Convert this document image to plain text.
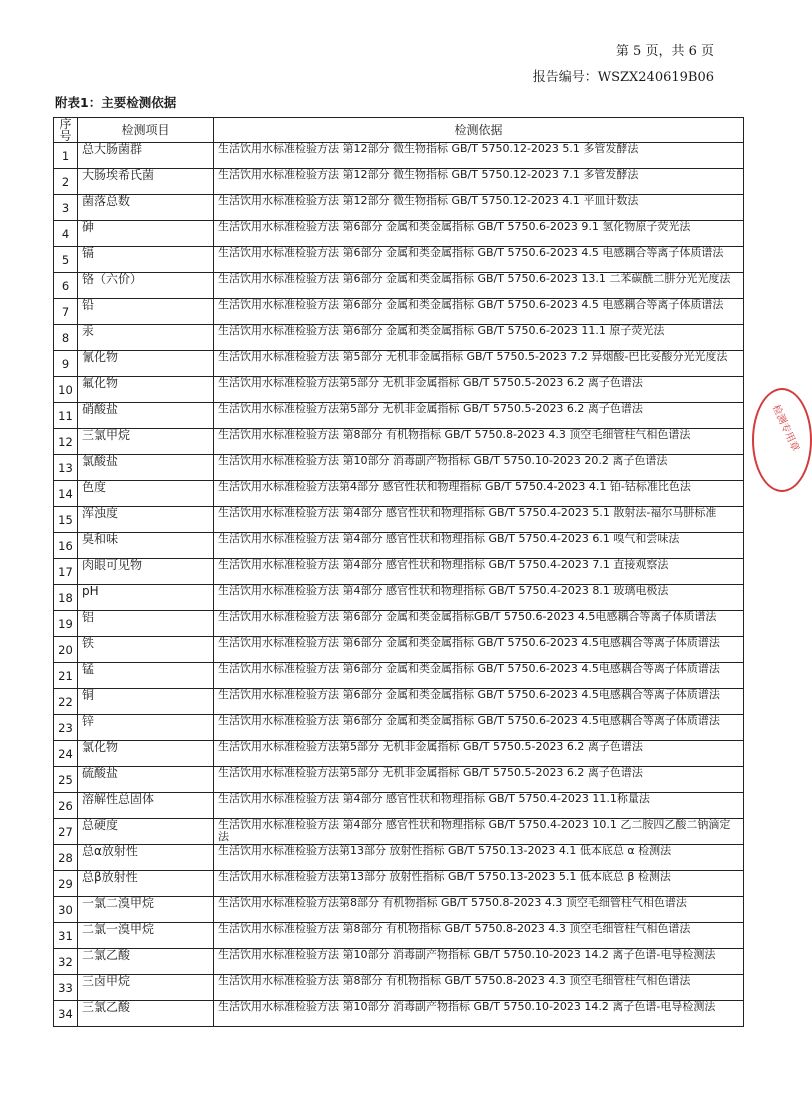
第 5 页，共 6 页
报告编号：WSZX240619B06
附表1：主要检测依据
序号	检测项目	检测依据
1	总大肠菌群	生活饮用水标准检验方法 第12部分 微生物指标 GB/T 5750.12-2023 5.1 多管发酵法
2	大肠埃希氏菌	生活饮用水标准检验方法 第12部分 微生物指标 GB/T 5750.12-2023 7.1 多管发酵法
3	菌落总数	生活饮用水标准检验方法 第12部分 微生物指标 GB/T 5750.12-2023 4.1 平皿计数法
4	砷	生活饮用水标准检验方法 第6部分 金属和类金属指标 GB/T 5750.6-2023 9.1 氢化物原子荧光法
5	镉	生活饮用水标准检验方法 第6部分 金属和类金属指标 GB/T 5750.6-2023 4.5 电感耦合等离子体质谱法
6	铬（六价）	生活饮用水标准检验方法 第6部分 金属和类金属指标 GB/T 5750.6-2023 13.1 二苯碳酰二肼分光光度法
7	铅	生活饮用水标准检验方法 第6部分 金属和类金属指标 GB/T 5750.6-2023 4.5 电感耦合等离子体质谱法
8	汞	生活饮用水标准检验方法 第6部分 金属和类金属指标 GB/T 5750.6-2023 11.1 原子荧光法
9	氰化物	生活饮用水标准检验方法 第5部分 无机非金属指标 GB/T 5750.5-2023 7.2 异烟酸-巴比妥酸分光光度法
10	氟化物	生活饮用水标准检验方法第5部分 无机非金属指标 GB/T 5750.5-2023 6.2 离子色谱法
11	硝酸盐	生活饮用水标准检验方法第5部分 无机非金属指标 GB/T 5750.5-2023 6.2 离子色谱法
12	三氯甲烷	生活饮用水标准检验方法 第8部分 有机物指标 GB/T 5750.8-2023 4.3 顶空毛细管柱气相色谱法
13	氯酸盐	生活饮用水标准检验方法 第10部分 消毒副产物指标 GB/T 5750.10-2023 20.2 离子色谱法
14	色度	生活饮用水标准检验方法第4部分 感官性状和物理指标 GB/T 5750.4-2023 4.1 铂-钴标准比色法
15	浑浊度	生活饮用水标准检验方法 第4部分 感官性状和物理指标 GB/T 5750.4-2023 5.1 散射法-福尔马肼标准
16	臭和味	生活饮用水标准检验方法 第4部分 感官性状和物理指标 GB/T 5750.4-2023 6.1 嗅气和尝味法
17	肉眼可见物	生活饮用水标准检验方法 第4部分 感官性状和物理指标 GB/T 5750.4-2023 7.1 直接观察法
18	pH	生活饮用水标准检验方法 第4部分 感官性状和物理指标 GB/T 5750.4-2023 8.1 玻璃电极法
19	铝	生活饮用水标准检验方法 第6部分 金属和类金属指标GB/T 5750.6-2023 4.5电感耦合等离子体质谱法
20	铁	生活饮用水标准检验方法 第6部分 金属和类金属指标 GB/T 5750.6-2023 4.5电感耦合等离子体质谱法
21	锰	生活饮用水标准检验方法 第6部分 金属和类金属指标 GB/T 5750.6-2023 4.5电感耦合等离子体质谱法
22	铜	生活饮用水标准检验方法 第6部分 金属和类金属指标 GB/T 5750.6-2023 4.5电感耦合等离子体质谱法
23	锌	生活饮用水标准检验方法 第6部分 金属和类金属指标 GB/T 5750.6-2023 4.5电感耦合等离子体质谱法
24	氯化物	生活饮用水标准检验方法第5部分 无机非金属指标 GB/T 5750.5-2023 6.2 离子色谱法
25	硫酸盐	生活饮用水标准检验方法第5部分 无机非金属指标 GB/T 5750.5-2023 6.2 离子色谱法
26	溶解性总固体	生活饮用水标准检验方法 第4部分 感官性状和物理指标 GB/T 5750.4-2023 11.1称量法
27	总硬度	生活饮用水标准检验方法 第4部分 感官性状和物理指标 GB/T 5750.4-2023 10.1 乙二胺四乙酸二钠滴定法
28	总α放射性	生活饮用水标准检验方法第13部分 放射性指标 GB/T 5750.13-2023 4.1 低本底总 α 检测法
29	总β放射性	生活饮用水标准检验方法第13部分 放射性指标 GB/T 5750.13-2023 5.1 低本底总 β 检测法
30	一氯二溴甲烷	生活饮用水标准检验方法第8部分 有机物指标 GB/T 5750.8-2023 4.3 顶空毛细管柱气相色谱法
31	二氯一溴甲烷	生活饮用水标准检验方法 第8部分 有机物指标 GB/T 5750.8-2023 4.3 顶空毛细管柱气相色谱法
32	二氯乙酸	生活饮用水标准检验方法 第10部分 消毒副产物指标 GB/T 5750.10-2023 14.2 离子色谱-电导检测法
33	三卤甲烷	生活饮用水标准检验方法 第8部分 有机物指标 GB/T 5750.8-2023 4.3 顶空毛细管柱气相色谱法
34	三氯乙酸	生活饮用水标准检验方法 第10部分 消毒副产物指标 GB/T 5750.10-2023 14.2 离子色谱-电导检测法
检测专用章
